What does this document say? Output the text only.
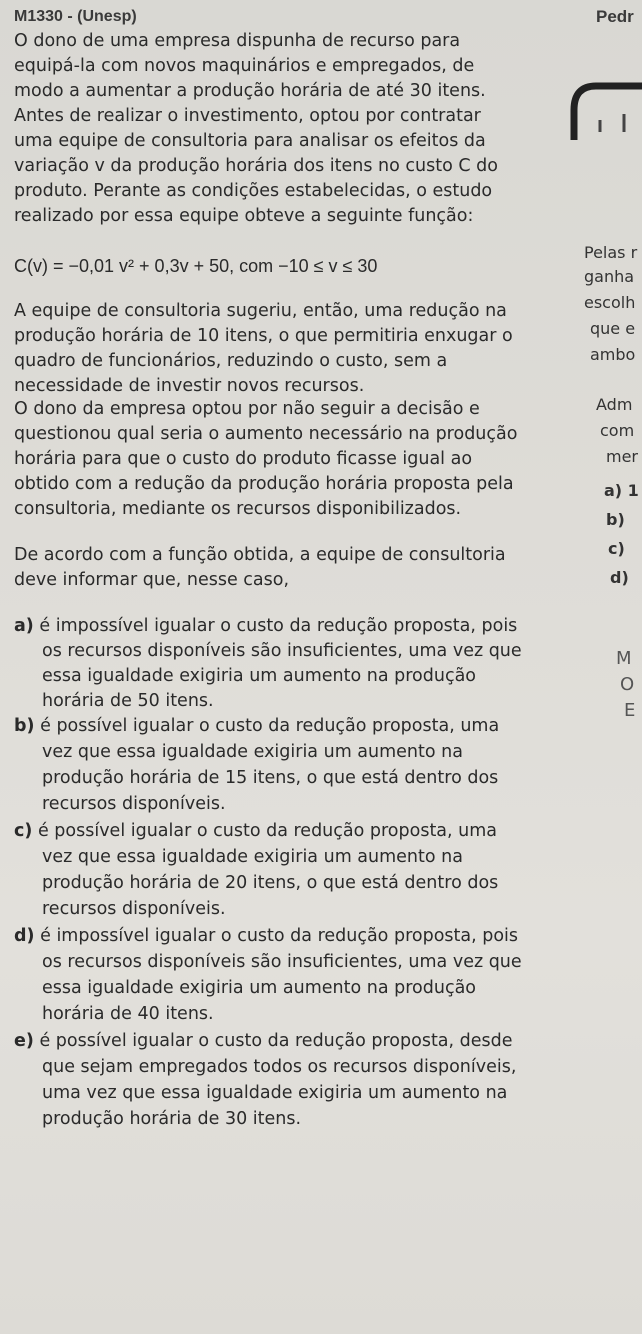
M1330 - (Unesp)	Pedr
O dono de uma empresa dispunha de recurso para
equipá-la com novos maquinários e empregados, de
modo a aumentar a produção horária de até 30 itens.
Antes de realizar o investimento, optou por contratar
uma equipe de consultoria para analisar os efeitos da
variação v da produção horária dos itens no custo C do
produto. Perante as condições estabelecidas, o estudo
realizado por essa equipe obteve a seguinte função:
C(v) = −0,01 v² + 0,3v + 50, com −10 ≤ v ≤ 30
A equipe de consultoria sugeriu, então, uma redução na
produção horária de 10 itens, o que permitiria enxugar o
quadro de funcionários, reduzindo o custo, sem a
necessidade de investir novos recursos.
O dono da empresa optou por não seguir a decisão e
questionou qual seria o aumento necessário na produção
horária para que o custo do produto ficasse igual ao
obtido com a redução da produção horária proposta pela
consultoria, mediante os recursos disponibilizados.
De acordo com a função obtida, a equipe de consultoria
deve informar que, nesse caso,
a) é impossível igualar o custo da redução proposta, pois
os recursos disponíveis são insuficientes, uma vez que
essa igualdade exigiria um aumento na produção
horária de 50 itens.
b) é possível igualar o custo da redução proposta, uma
vez que essa igualdade exigiria um aumento na
produção horária de 15 itens, o que está dentro dos
recursos disponíveis.
c) é possível igualar o custo da redução proposta, uma
vez que essa igualdade exigiria um aumento na
produção horária de 20 itens, o que está dentro dos
recursos disponíveis.
d) é impossível igualar o custo da redução proposta, pois
os recursos disponíveis são insuficientes, uma vez que
essa igualdade exigiria um aumento na produção
horária de 40 itens.
e) é possível igualar o custo da redução proposta, desde
que sejam empregados todos os recursos disponíveis,
uma vez que essa igualdade exigiria um aumento na
produção horária de 30 itens.
Pelas r
ganha
escolh
que e
ambo
Adm
com
mer
a) 1
b)
c)
d)
M
O
E
